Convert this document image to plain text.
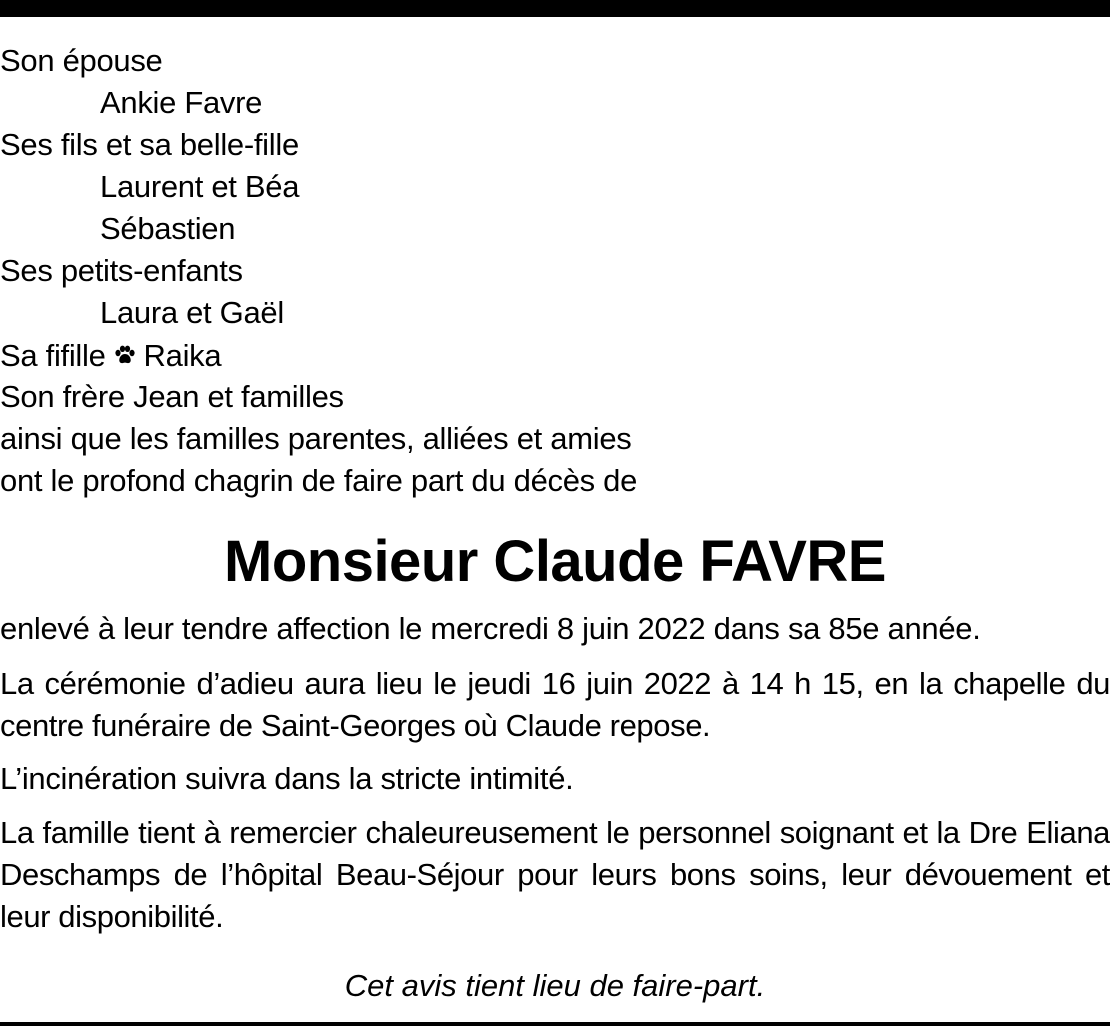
Son épouse
Ankie Favre
Ses fils et sa belle-fille
Laurent et Béa
Sébastien
Ses petits-enfants
Laura et Gaël
Sa fifille Raika
Son frère Jean et familles
ainsi que les familles parentes, alliées et amies
ont le profond chagrin de faire part du décès de
Monsieur Claude FAVRE
enlevé à leur tendre affection le mercredi 8 juin 2022 dans sa 85e année.
La cérémonie d’adieu aura lieu le jeudi 16 juin 2022 à 14 h 15, en la chapelle du centre funéraire de Saint-Georges où Claude repose.
L’incinération suivra dans la stricte intimité.
La famille tient à remercier chaleureusement le personnel soignant et la Dre Eliana Deschamps de l’hôpital Beau-Séjour pour leurs bons soins, leur dévouement et leur disponibilité.
Cet avis tient lieu de faire-part.
